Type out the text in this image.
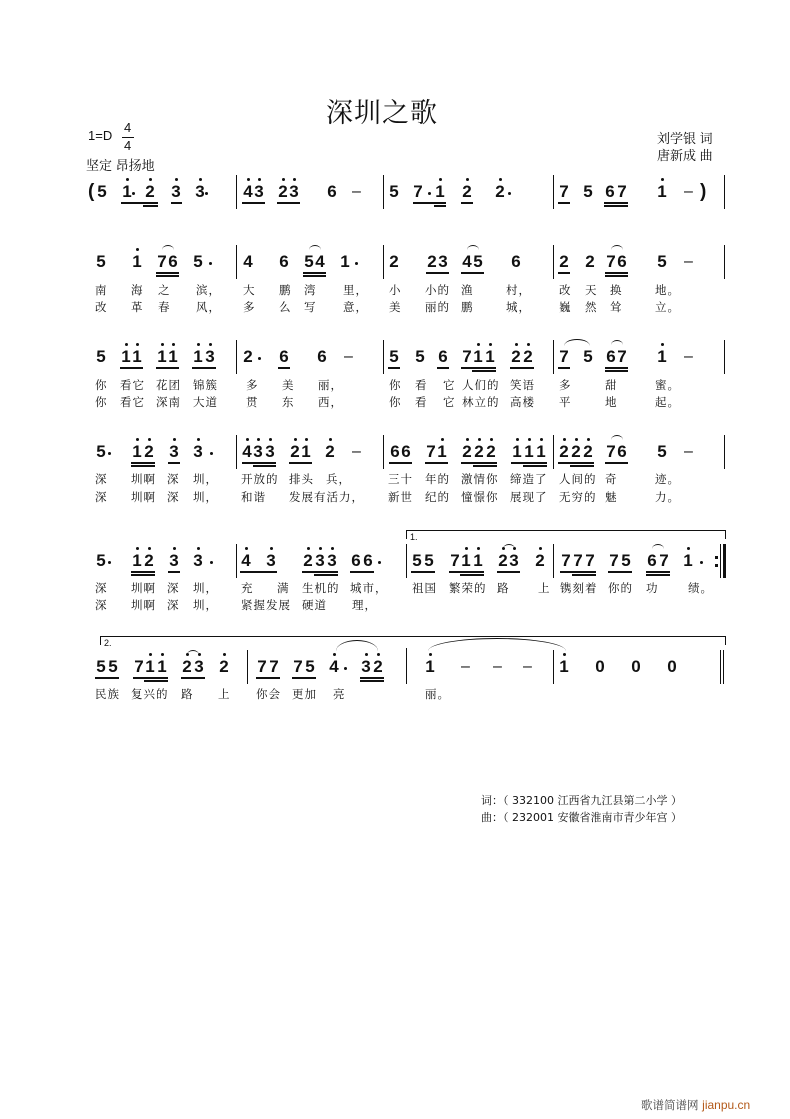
深圳之歌
1=D
4
4
坚定 昂扬地
刘学银 词
唐新成 曲
( 5 1 2 3 3 4 3 2 3 6 – 5 7 1 2 2	7 5 6 7 1 – )
5 1 7 6 5 4 6 5 4 1 2 2 3 4 5 6 2 2 7 6 5 –
南 海 之 滨， 大 鹏 湾 里， 小 小的 渔	村， 改 天 换	地。
改 革 春 风， 多 么 写 意， 美 丽的 鹏	城， 巍 然 耸	立。
5 1 1 1 1 1 3 2 6 6 – 5 5 6 7 1 1 2 2 7 5 6 7 1 –
你 看它 花团 锦簇 多 美 丽，	你 看 它 人们的 笑语 多	甜	蜜。
你 看它 深南 大道 贯 东 西，	你 看 它 林立的 高楼 平	地	起。
5 1 2 3 3 4 3 3 2 1 2 – 6 6 7 1 2 2 2 1 1 1 2 2 2 7 6 5 –
深 圳啊 深 圳， 开放的 排头 兵，	三十 年的 激情你 缔造了 人间的 奇	迹。
深 圳啊 深 圳， 和谐 发展有活力， 新世 纪的 憧憬你 展现了 无穷的 魅	力。
1.
5 1 2 3 3 4 3 2 3 3 6 6 5 5 7 1 1 2 3 2 7 7 7 7 5 6 7 1
深 圳啊 深 圳， 充 满 生机的 城市， 祖国 繁荣的 路 上 镌刻着 你的 功	绩。
深 圳啊 深 圳， 紧握发展 硬道 理，
2.
5 5 7 1 1 2 3 2 7 7 7 5 4 3 2	1 – – – 1 0 0 0
民族 复兴的 路 上 你会 更加 亮	丽。
词：（ 332100 江西省九江县第二小学 ）
曲：（ 232001 安徽省淮南市青少年宫 ）
歌谱简谱网 jianpu.cn
